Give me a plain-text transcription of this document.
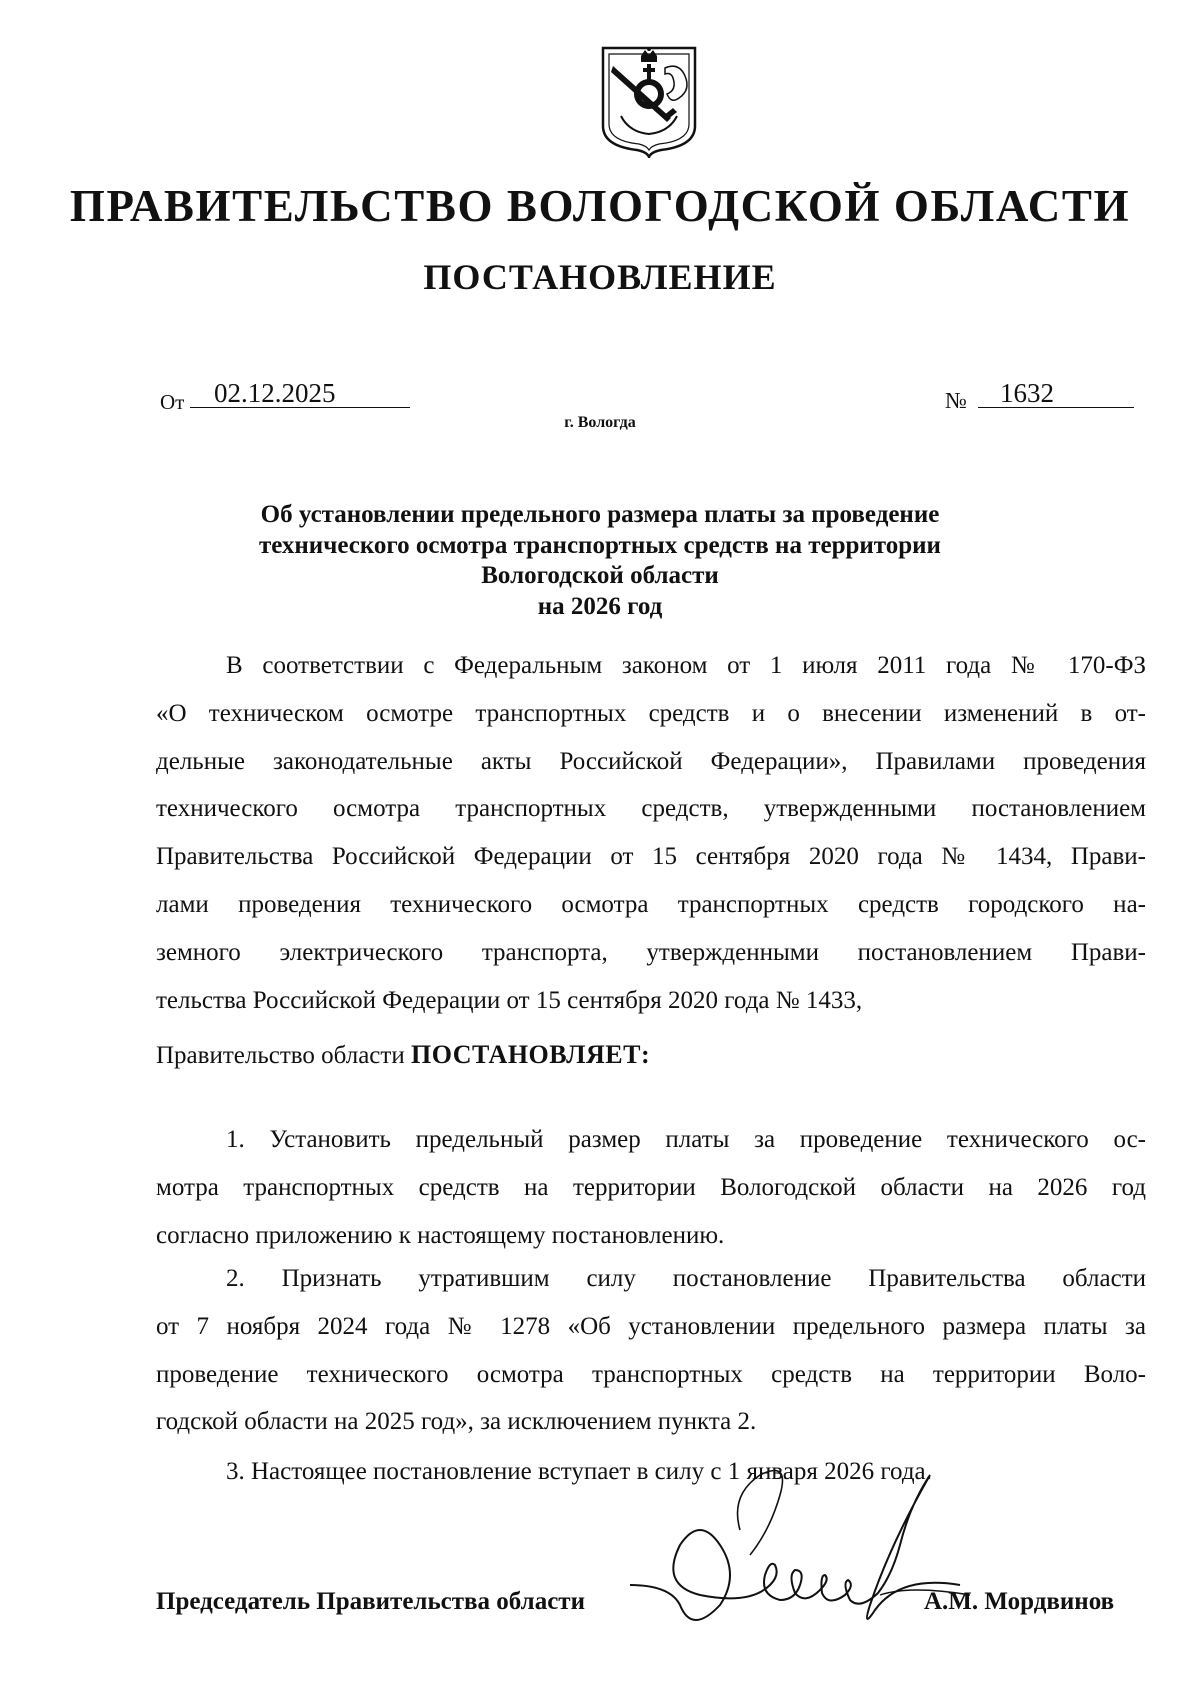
ПРАВИТЕЛЬСТВО ВОЛОГОДСКОЙ ОБЛАСТИ
ПОСТАНОВЛЕНИЕ
От	02.12.2025	№	1632
г. Вологда
Об установлении предельного размера платы за проведение
технического осмотра транспортных средств на территории
Вологодской области
на 2026 год
В соответствии с Федеральным законом от 1 июля 2011 года № 170-ФЗ
«О техническом осмотре транспортных средств и о внесении изменений в от-
дельные законодательные акты Российской Федерации», Правилами проведения
технического осмотра транспортных средств, утвержденными постановлением
Правительства Российской Федерации от 15 сентября 2020 года № 1434, Прави-
лами проведения технического осмотра транспортных средств городского на-
земного электрического транспорта, утвержденными постановлением Прави-
тельства Российской Федерации от 15 сентября 2020 года № 1433,
Правительство области ПОСТАНОВЛЯЕТ:
1. Установить предельный размер платы за проведение технического ос-
мотра транспортных средств на территории Вологодской области на 2026 год
согласно приложению к настоящему постановлению.
2. Признать утратившим силу постановление Правительства области
от 7 ноября 2024 года № 1278 «Об установлении предельного размера платы за
проведение технического осмотра транспортных средств на территории Воло-
годской области на 2025 год», за исключением пункта 2.
3. Настоящее постановление вступает в силу с 1 января 2026 года.
Председатель Правительства области	А.М. Мордвинов
